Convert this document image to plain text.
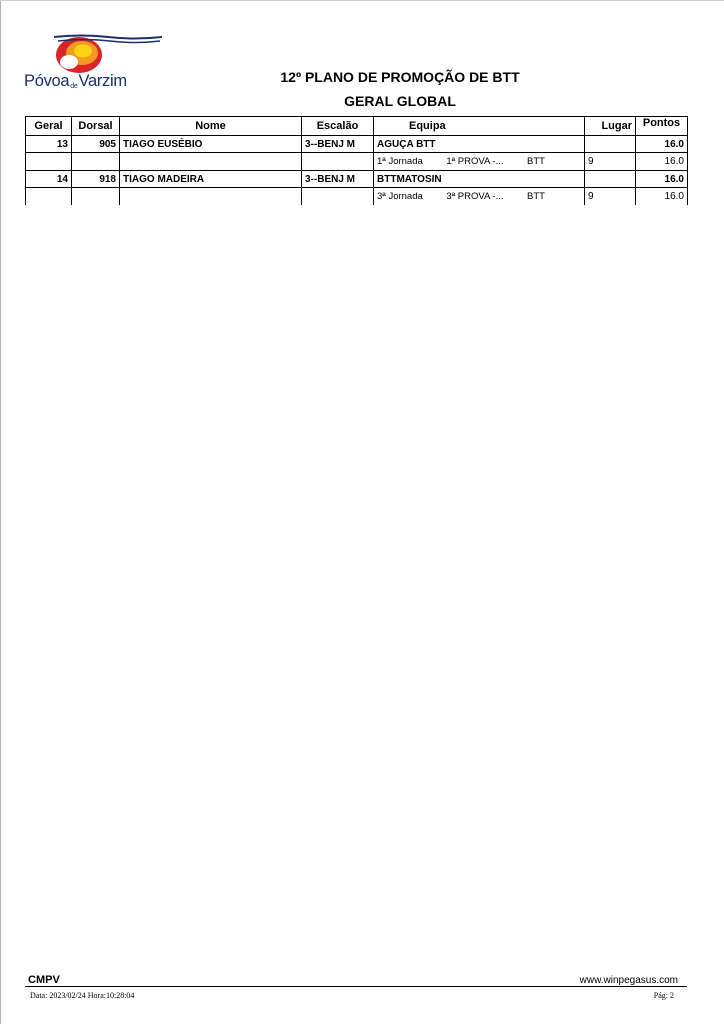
PóvoadeVarzim	12º PLANO DE PROMOÇÃO DE BTT
GERAL GLOBAL
Geral	Dorsal	Nome	Escalão	Equipa	Lugar	Pontos
13	905	TIAGO EUSÉBIO	3--BENJ M	AGUÇA BTT		16.0

				1ª Jornada 1ª PROVA -... BTT	9	16.0
14	918	TIAGO MADEIRA	3--BENJ M	BTTMATOSIN		16.0

				3ª Jornada 3ª PROVA -... BTT	9	16.0
CMPV	www.winpegasus.com
Data: 2023/02/24 Hora:10:28:04	Pág: 2
